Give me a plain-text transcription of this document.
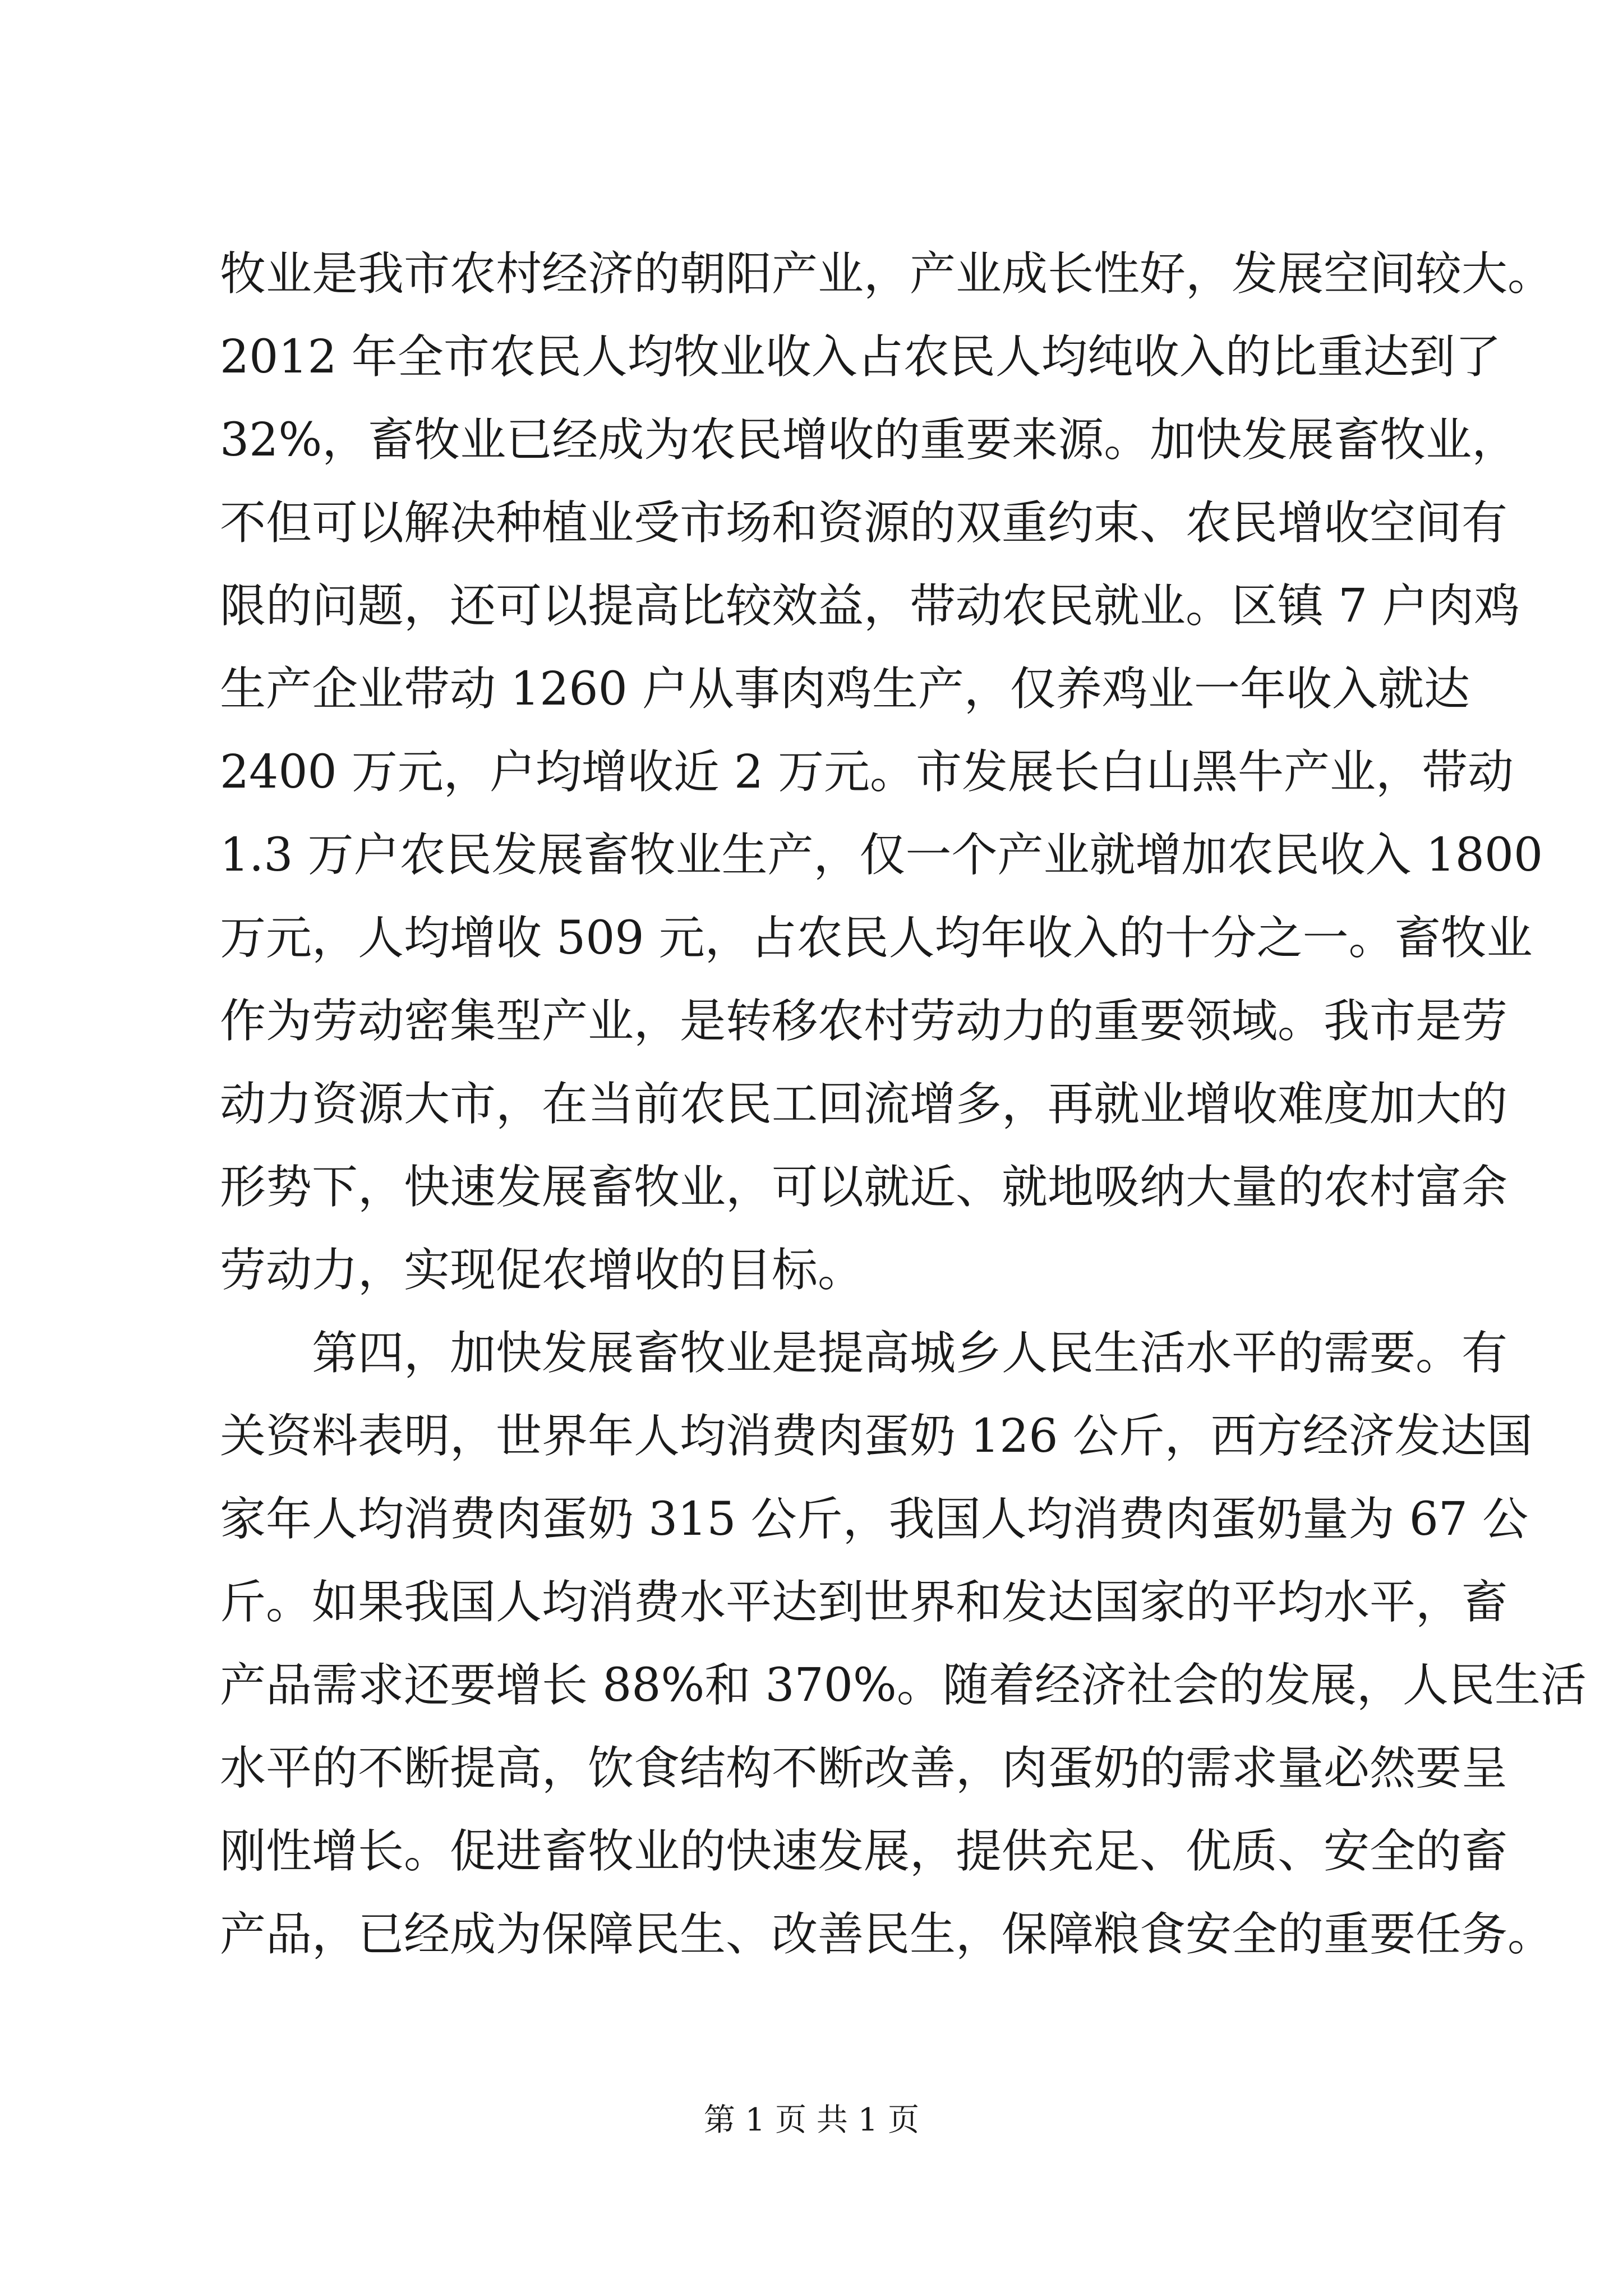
牧业是我市农村经济的朝阳产业，产业成长性好，发展空间较大。
2012 年全市农民人均牧业收入占农民人均纯收入的比重达到了
32%，畜牧业已经成为农民增收的重要来源。加快发展畜牧业，
不但可以解决种植业受市场和资源的双重约束、农民增收空间有
限的问题，还可以提高比较效益，带动农民就业。区镇 7 户肉鸡
生产企业带动 1260 户从事肉鸡生产，仅养鸡业一年收入就达
2400 万元，户均增收近 2 万元。市发展长白山黑牛产业，带动
1.3 万户农民发展畜牧业生产，仅一个产业就增加农民收入 1800
万元，人均增收 509 元，占农民人均年收入的十分之一。畜牧业
作为劳动密集型产业，是转移农村劳动力的重要领域。我市是劳
动力资源大市，在当前农民工回流增多，再就业增收难度加大的
形势下，快速发展畜牧业，可以就近、就地吸纳大量的农村富余
劳动力，实现促农增收的目标。
第四，加快发展畜牧业是提高城乡人民生活水平的需要。有
关资料表明，世界年人均消费肉蛋奶 126 公斤，西方经济发达国
家年人均消费肉蛋奶 315 公斤，我国人均消费肉蛋奶量为 67 公
斤。如果我国人均消费水平达到世界和发达国家的平均水平，畜
产品需求还要增长 88%和 370%。随着经济社会的发展，人民生活
水平的不断提高，饮食结构不断改善，肉蛋奶的需求量必然要呈
刚性增长。促进畜牧业的快速发展，提供充足、优质、安全的畜
产品，已经成为保障民生、改善民生，保障粮食安全的重要任务。
第 1 页 共 1 页
